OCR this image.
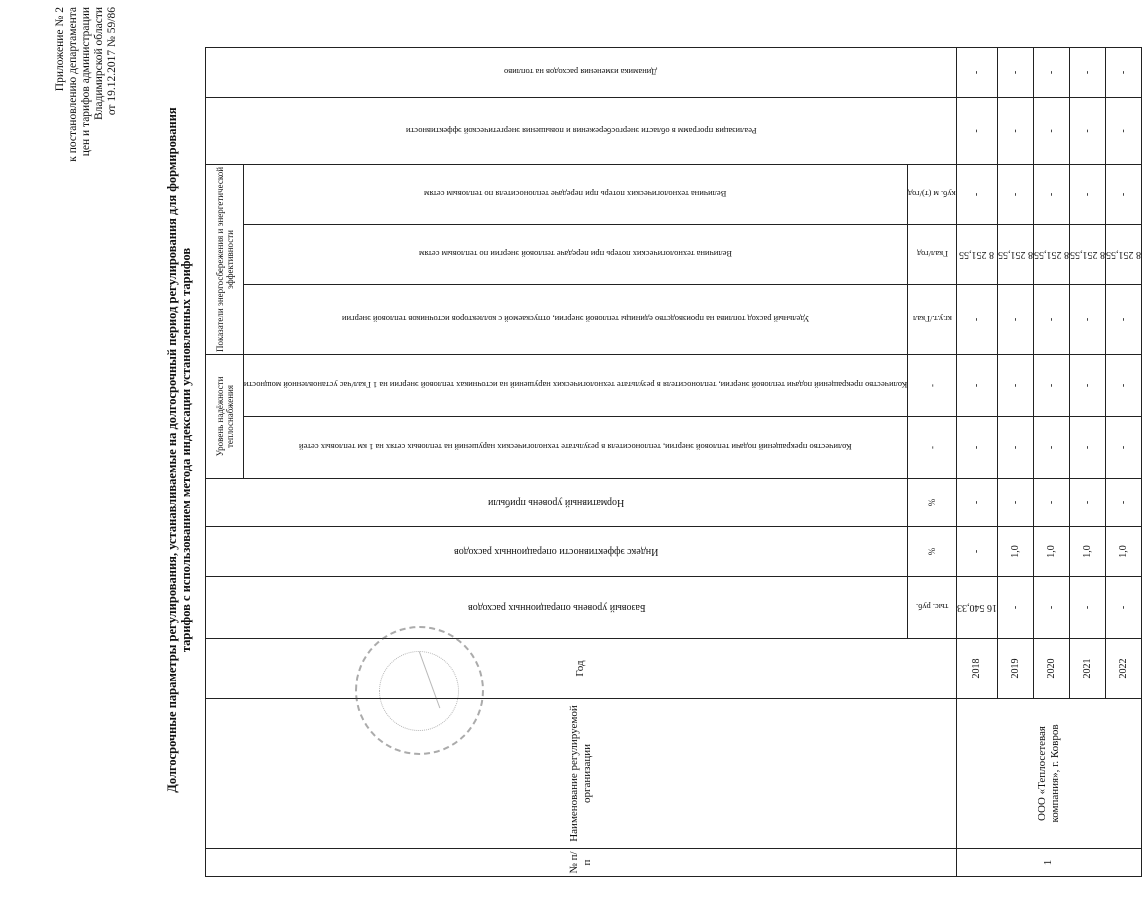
Приложение № 2 к постановлению департамента цен и тарифов администрации Владимирской области от 19.12.2017 № 59/86
Долгосрочные параметры регулирования, устанавливаемые на долгосрочный период регулирования для формирования тарифов с использованием метода индексации установленных тарифов
№ п/п	Наименование регулируемой организации	Год	Базовый уровень операционных расходов	Индекс эффективности операционных расходов	Нормативный уровень прибыли	Уровень надёжности теплоснабжения		Показатели энергосбережения и энергетической эффективности			Реализация программ в области энергосбережения и повышения энергетической эффективности	Динамика изменения расходов на топливо

						Количество прекращений подачи тепловой энергии, теплоносителя в результате технологических нарушений на тепловых сетях на 1 км тепловых сетей	Количество прекращений подачи тепловой энергии, теплоносителя в результате технологических нарушений на источниках тепловой энергии на 1 Гкал/час установленной мощности	Удельный расход топлива на производство единицы тепловой энергии, отпускаемой с коллекторов источников тепловой энергии	Величина технологических потерь при передаче тепловой энергии по тепловым сетям	Величина технологических потерь при передаче теплоносителя по тепловым сетям		

			тыс. руб.	%	%	-	-	кг.у.т./Гкал	Гкал/год	куб. м (т)/год		

1	ООО «Теплосетевая компания», г. Ковров	2018	16 540,33	-	-	-	-	-	8 251,55	-	-	-
		2019	-	1,0	-	-	-	-	8 251,55	-	-	-
		2020	-	1,0	-	-	-	-	8 251,55	-	-	-
		2021	-	1,0	-	-	-	-	8 251,55	-	-	-
		2022	-	1,0	-	-	-	-	8 251,55	-	-	-
